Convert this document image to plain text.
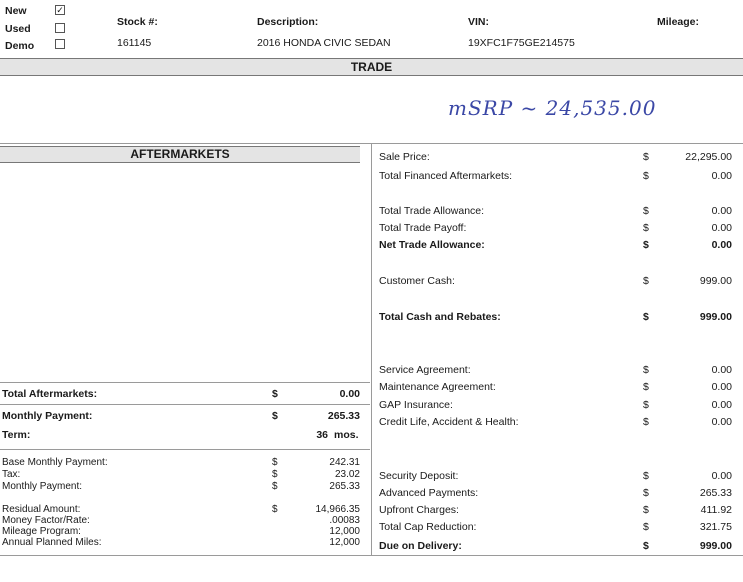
New	✓
Used
Demo
Stock #:
161145
Description:
2016 HONDA CIVIC SEDAN
VIN:
19XFC1F75GE214575
Mileage:
TRADE
mSRP ~ 24,535.00
AFTERMARKETS
Total Aftermarkets:	$	0.00
Monthly Payment:	$	265.33
Term:	36 mos.
Base Monthly Payment:	$	242.31
Tax:	$	23.02
Monthly Payment:	$	265.33
Residual Amount:	$	14,966.35
Money Factor/Rate:	.00083
Mileage Program:	12,000
Annual Planned Miles:	12,000
Sale Price:	$	22,295.00
Total Financed Aftermarkets:	$	0.00
Total Trade Allowance:	$	0.00
Total Trade Payoff:	$	0.00
Net Trade Allowance:	$	0.00
Customer Cash:	$	999.00
Total Cash and Rebates:	$	999.00
Service Agreement:	$	0.00
Maintenance Agreement:	$	0.00
GAP Insurance:	$	0.00
Credit Life, Accident & Health:	$	0.00
Security Deposit:	$	0.00
Advanced Payments:	$	265.33
Upfront Charges:	$	411.92
Total Cap Reduction:	$	321.75
Due on Delivery:	$	999.00
